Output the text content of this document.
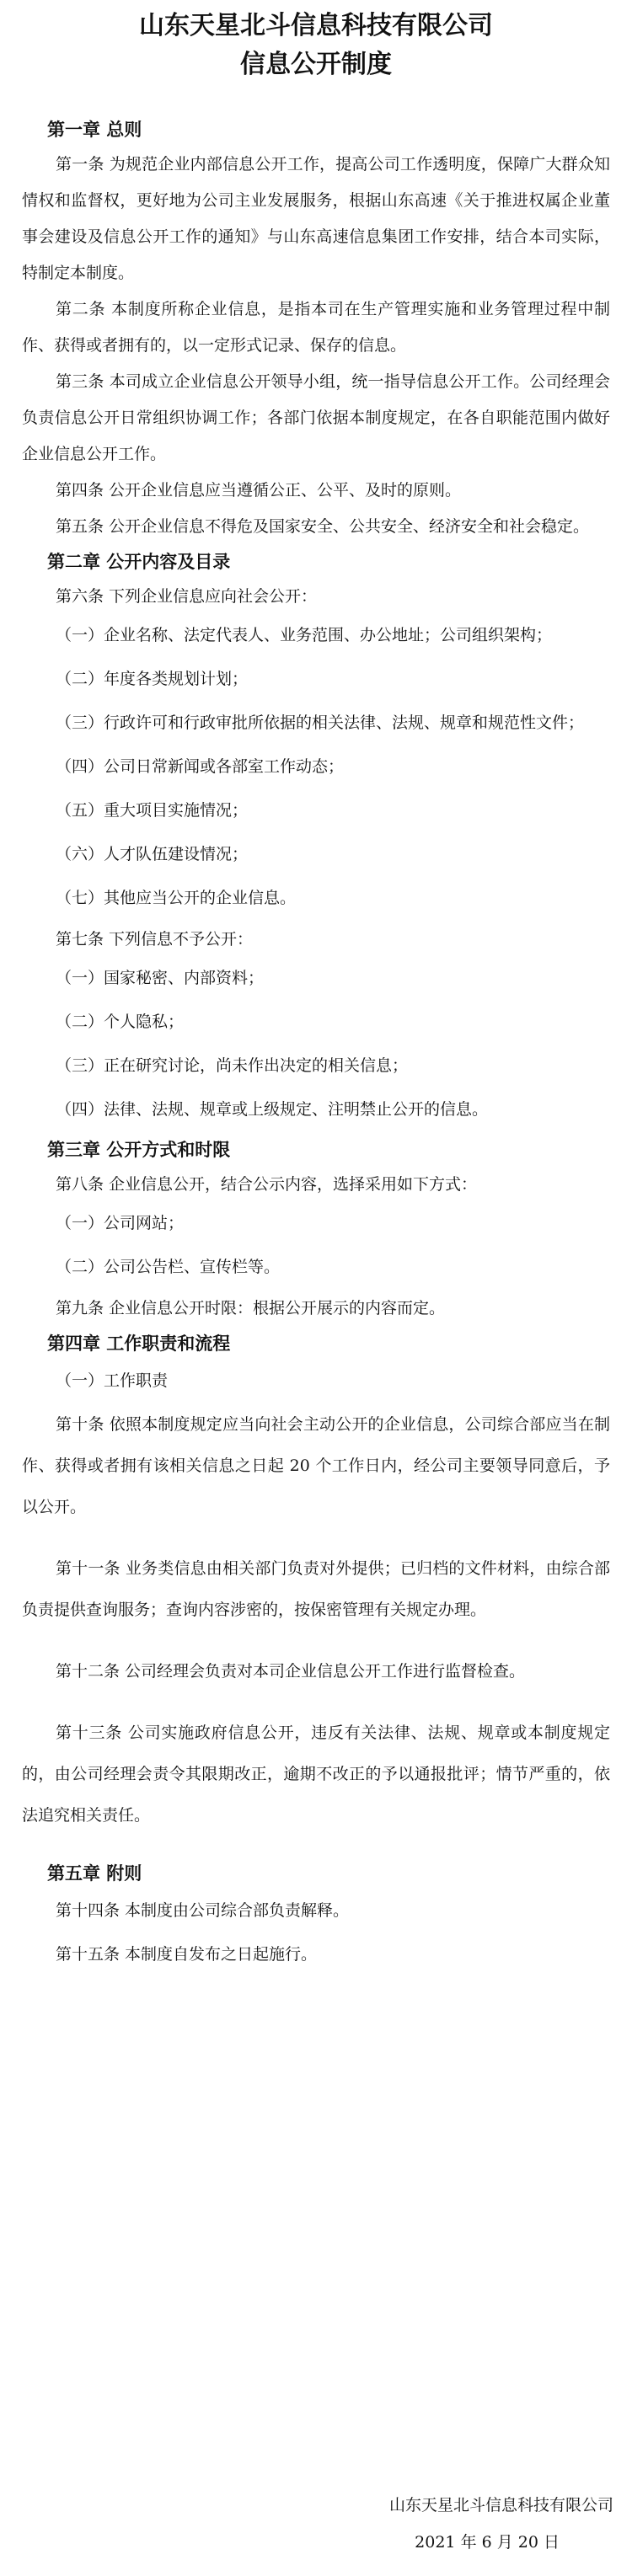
山东天星北斗信息科技有限公司
信息公开制度
第一章 总则

第一条 为规范企业内部信息公开工作，提高公司工作透明度，保障广大群众知情权和监督权，更好地为公司主业发展服务，根据山东高速《关于推进权属企业董事会建设及信息公开工作的通知》与山东高速信息集团工作安排，结合本司实际，特制定本制度。

第二条 本制度所称企业信息，是指本司在生产管理实施和业务管理过程中制作、获得或者拥有的，以一定形式记录、保存的信息。

第三条 本司成立企业信息公开领导小组，统一指导信息公开工作。公司经理会负责信息公开日常组织协调工作；各部门依据本制度规定，在各自职能范围内做好企业信息公开工作。

第四条 公开企业信息应当遵循公正、公平、及时的原则。

第五条 公开企业信息不得危及国家安全、公共安全、经济安全和社会稳定。

第二章 公开内容及目录

第六条 下列企业信息应向社会公开：

（一）企业名称、法定代表人、业务范围、办公地址；公司组织架构；

（二）年度各类规划计划；

（三）行政许可和行政审批所依据的相关法律、法规、规章和规范性文件；

（四）公司日常新闻或各部室工作动态；

（五）重大项目实施情况；

（六）人才队伍建设情况；

（七）其他应当公开的企业信息。

第七条 下列信息不予公开：

（一）国家秘密、内部资料；

（二）个人隐私；

（三）正在研究讨论，尚未作出决定的相关信息；

（四）法律、法规、规章或上级规定、注明禁止公开的信息。

第三章 公开方式和时限

第八条 企业信息公开，结合公示内容，选择采用如下方式：

（一）公司网站；

（二）公司公告栏、宣传栏等。

第九条 企业信息公开时限：根据公开展示的内容而定。

第四章 工作职责和流程

（一）工作职责

第十条 依照本制度规定应当向社会主动公开的企业信息，公司综合部应当在制作、获得或者拥有该相关信息之日起 20 个工作日内，经公司主要领导同意后，予以公开。

第十一条 业务类信息由相关部门负责对外提供；已归档的文件材料，由综合部负责提供查询服务；查询内容涉密的，按保密管理有关规定办理。

第十二条 公司经理会负责对本司企业信息公开工作进行监督检查。

第十三条 公司实施政府信息公开，违反有关法律、法规、规章或本制度规定的，由公司经理会责令其限期改正，逾期不改正的予以通报批评；情节严重的，依法追究相关责任。

第五章 附则

第十四条 本制度由公司综合部负责解释。

第十五条 本制度自发布之日起施行。

山东天星北斗信息科技有限公司
2021 年 6 月 20 日
